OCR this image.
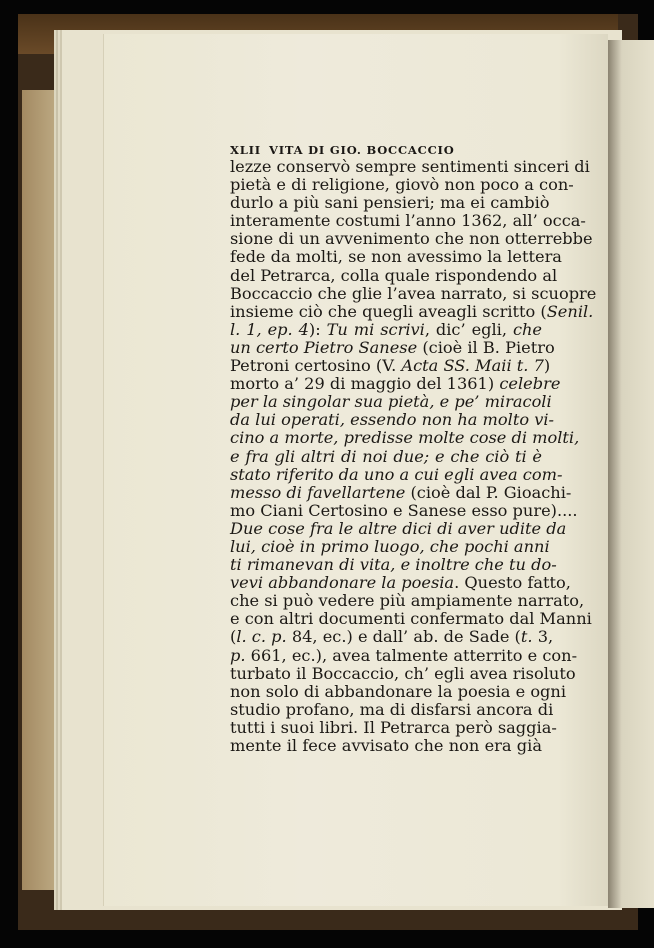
XLII VITA DI GIO. BOCCACCIO
lezze conservò sempre sentimenti sinceri di
pietà e di religione, giovò non poco a con-
durlo a più sani pensieri; ma ei cambiò
interamente costumi l’anno 1362, all’ occa-
sione di un avvenimento che non otterrebbe
fede da molti, se non avessimo la lettera
del Petrarca, colla quale rispondendo al
Boccaccio che glie l’avea narrato, si scuopre
insieme ciò che quegli aveagli scritto (Senil.
l. 1, ep. 4): Tu mi scrivi, dic’ egli, che
un certo Pietro Sanese (cioè il B. Pietro
Petroni certosino (V. Acta SS. Maii t. 7)
morto a’ 29 di maggio del 1361) celebre
per la singolar sua pietà, e pe’ miracoli
da lui operati, essendo non ha molto vi-
cino a morte, predisse molte cose di molti,
e fra gli altri di noi due; e che ciò ti è
stato riferito da uno a cui egli avea com-
messo di favellartene (cioè dal P. Gioachi-
mo Ciani Certosino e Sanese esso pure)....
Due cose fra le altre dici di aver udite da
lui, cioè in primo luogo, che pochi anni
ti rimanevan di vita, e inoltre che tu do-
vevi abbandonare la poesia. Questo fatto,
che si può vedere più ampiamente narrato,
e con altri documenti confermato dal Manni
(l. c. p. 84, ec.) e dall’ ab. de Sade (t. 3,
p. 661, ec.), avea talmente atterrito e con-
turbato il Boccaccio, ch’ egli avea risoluto
non solo di abbandonare la poesia e ogni
studio profano, ma di disfarsi ancora di
tutti i suoi libri. Il Petrarca però saggia-
mente il fece avvisato che non era già
